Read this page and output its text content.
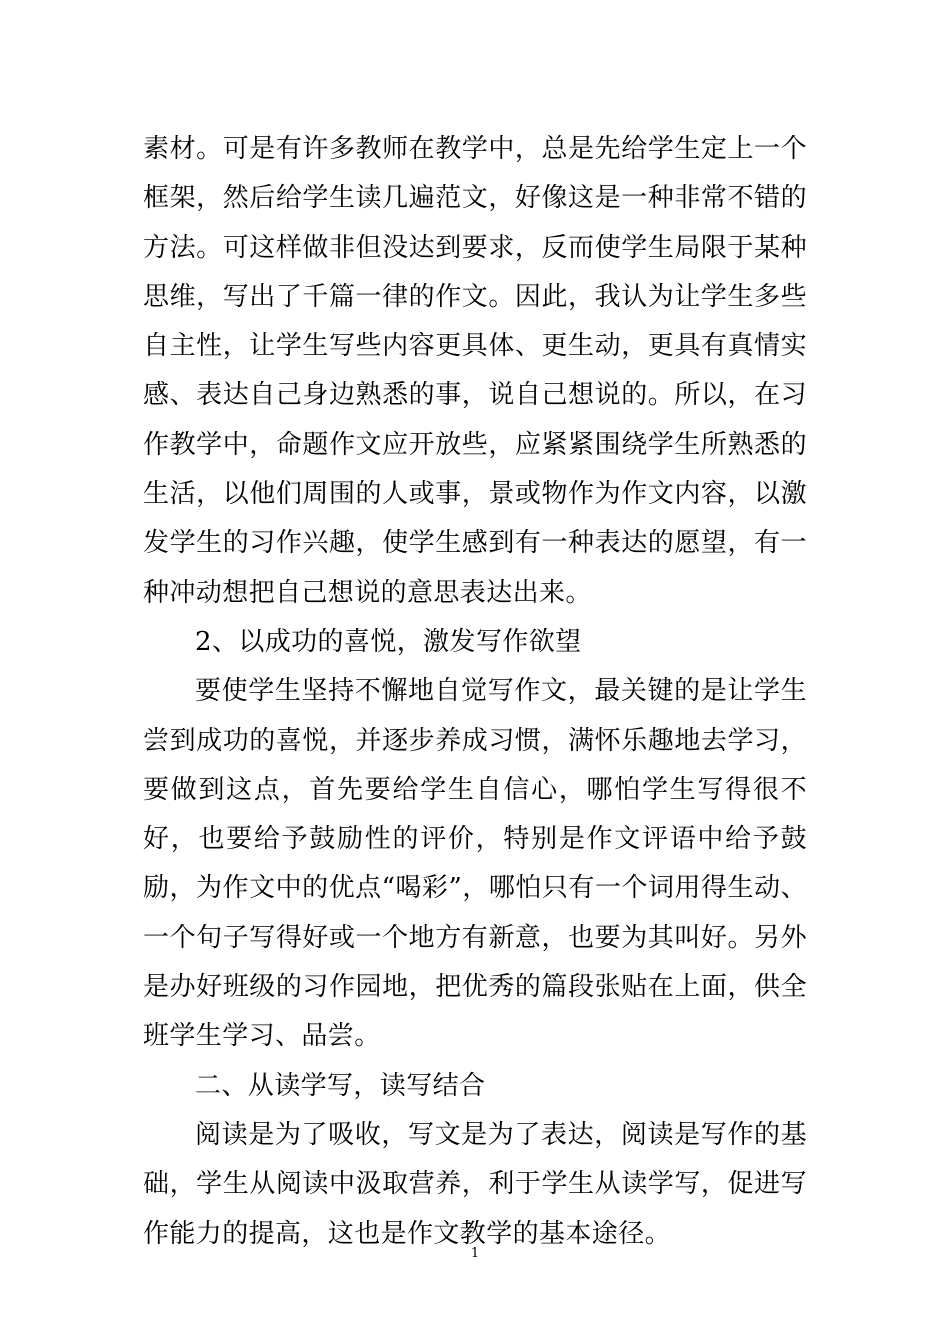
素材。可是有许多教师在教学中，总是先给学生定上一个框架，然后给学生读几遍范文，好像这是一种非常不错的方法。可这样做非但没达到要求，反而使学生局限于某种思维，写出了千篇一律的作文。因此，我认为让学生多些自主性，让学生写些内容更具体、更生动，更具有真情实感、表达自己身边熟悉的事，说自己想说的。所以，在习作教学中，命题作文应开放些，应紧紧围绕学生所熟悉的生活，以他们周围的人或事，景或物作为作文内容，以激发学生的习作兴趣，使学生感到有一种表达的愿望，有一种冲动想把自己想说的意思表达出来。

2、以成功的喜悦，激发写作欲望

要使学生坚持不懈地自觉写作文，最关键的是让学生尝到成功的喜悦，并逐步养成习惯，满怀乐趣地去学习，要做到这点，首先要给学生自信心，哪怕学生写得很不好，也要给予鼓励性的评价，特别是作文评语中给予鼓励，为作文中的优点“喝彩”，哪怕只有一个词用得生动、一个句子写得好或一个地方有新意，也要为其叫好。另外是办好班级的习作园地，把优秀的篇段张贴在上面，供全班学生学习、品尝。

二、从读学写，读写结合

阅读是为了吸收，写文是为了表达，阅读是写作的基础，学生从阅读中汲取营养，利于学生从读学写，促进写作能力的提高，这也是作文教学的基本途径。

1
